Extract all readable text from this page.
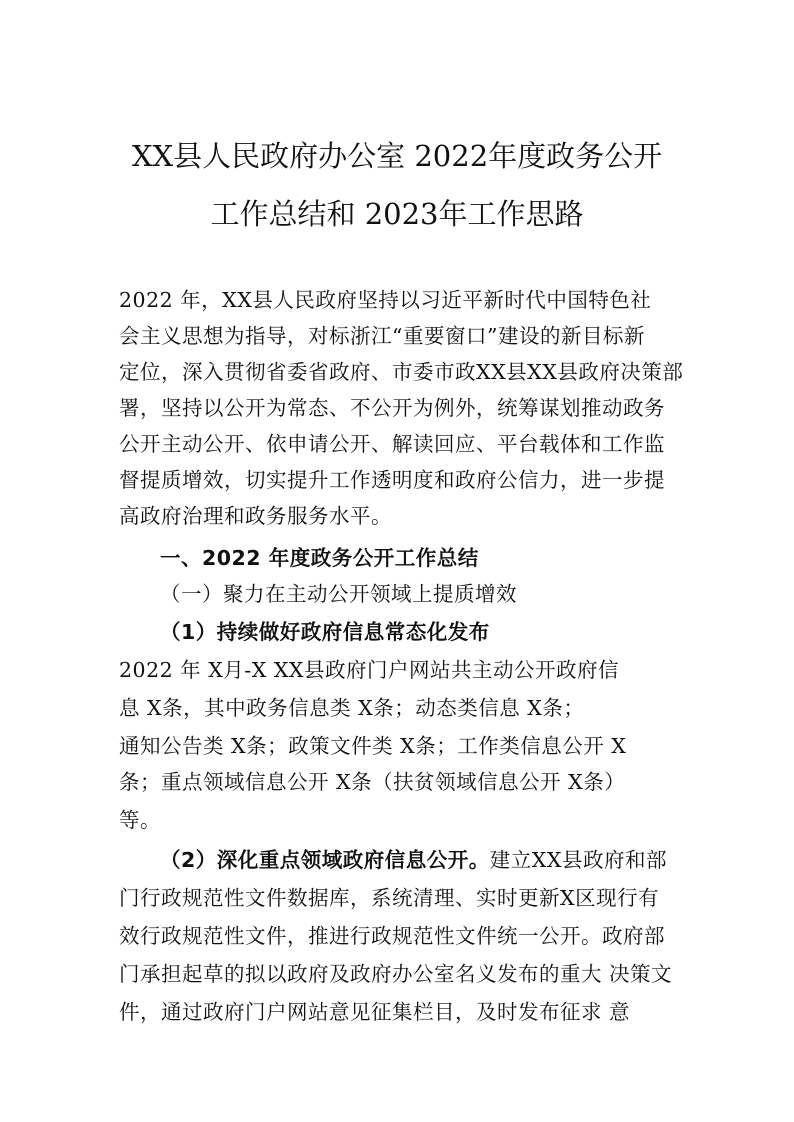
XX县人民政府办公室 2022年度政务公开
工作总结和 2023年工作思路
2022 年，XX县人民政府坚持以习近平新时代中国特色社
会主义思想为指导，对标浙江“重要窗口”建设的新目标新
定位，深入贯彻省委省政府、市委市政XX县XX县政府决策部
署，坚持以公开为常态、不公开为例外，统筹谋划推动政务
公开主动公开、依申请公开、解读回应、平台载体和工作监
督提质增效，切实提升工作透明度和政府公信力，进一步提
高政府治理和政务服务水平。
一、2022 年度政务公开工作总结
（一）聚力在主动公开领域上提质增效
（1）持续做好政府信息常态化发布
2022 年 X月-X XX县政府门户网站共主动公开政府信
息 X条，其中政务信息类 X条；动态类信息 X条；
通知公告类 X条；政策文件类 X条；工作类信息公开 X
条；重点领域信息公开 X条（扶贫领域信息公开 X条）
等。
（2）深化重点领域政府信息公开。建立XX县政府和部
门行政规范性文件数据库，系统清理、实时更新X区现行有
效行政规范性文件，推进行政规范性文件统一公开。政府部
门承担起草的拟以政府及政府办公室名义发布的重大 决策文
件，通过政府门户网站意见征集栏目，及时发布征求 意
